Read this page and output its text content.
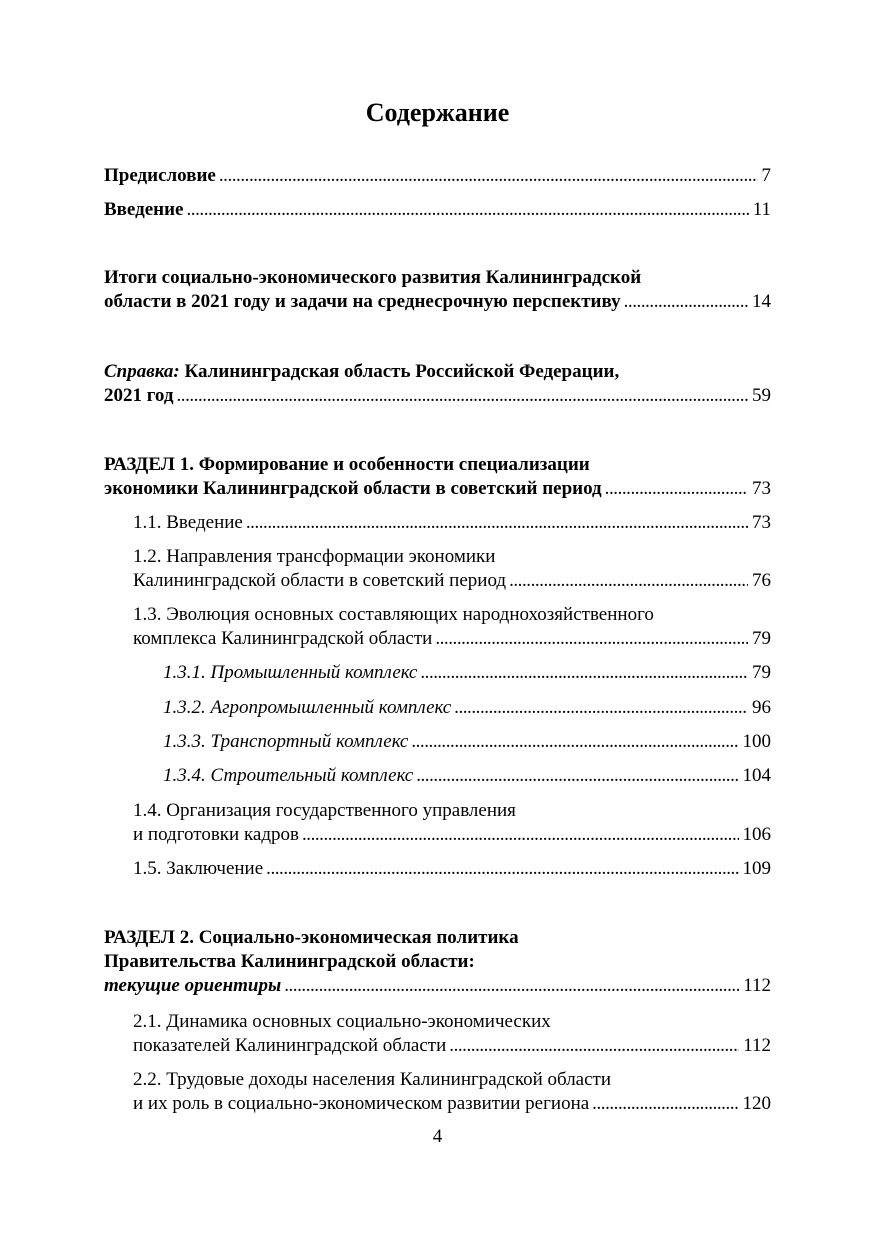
Содержание
Предисловие . . .	7
Введение . . .	11
Итоги социально-экономического развития Калининградской
области в 2021 году и задачи на среднесрочную перспективу . . .	14
Справка: Калининградская область Российской Федерации,
2021 год . . .	59
РАЗДЕЛ 1. Формирование и особенности специализации
экономики Калининградской области в советский период . . .	73
1.1. Введение . . .	73
1.2. Направления трансформации экономики
Калининградской области в советский период . . .	76
1.3. Эволюция основных составляющих народнохозяйственного
комплекса Калининградской области . . .	79
1.3.1. Промышленный комплекс . . .	79
1.3.2. Агропромышленный комплекс . . .	96
1.3.3. Транспортный комплекс . . .	100
1.3.4. Строительный комплекс . . .	104
1.4. Организация государственного управления
и подготовки кадров . . .	106
1.5. Заключение . . .	109
РАЗДЕЛ 2. Социально-экономическая политика
Правительства Калининградской области:
текущие ориентиры . . .	112
2.1. Динамика основных социально-экономических
показателей Калининградской области . . .	112
2.2. Трудовые доходы населения Калининградской области
и их роль в социально-экономическом развитии региона . . .	120
4
